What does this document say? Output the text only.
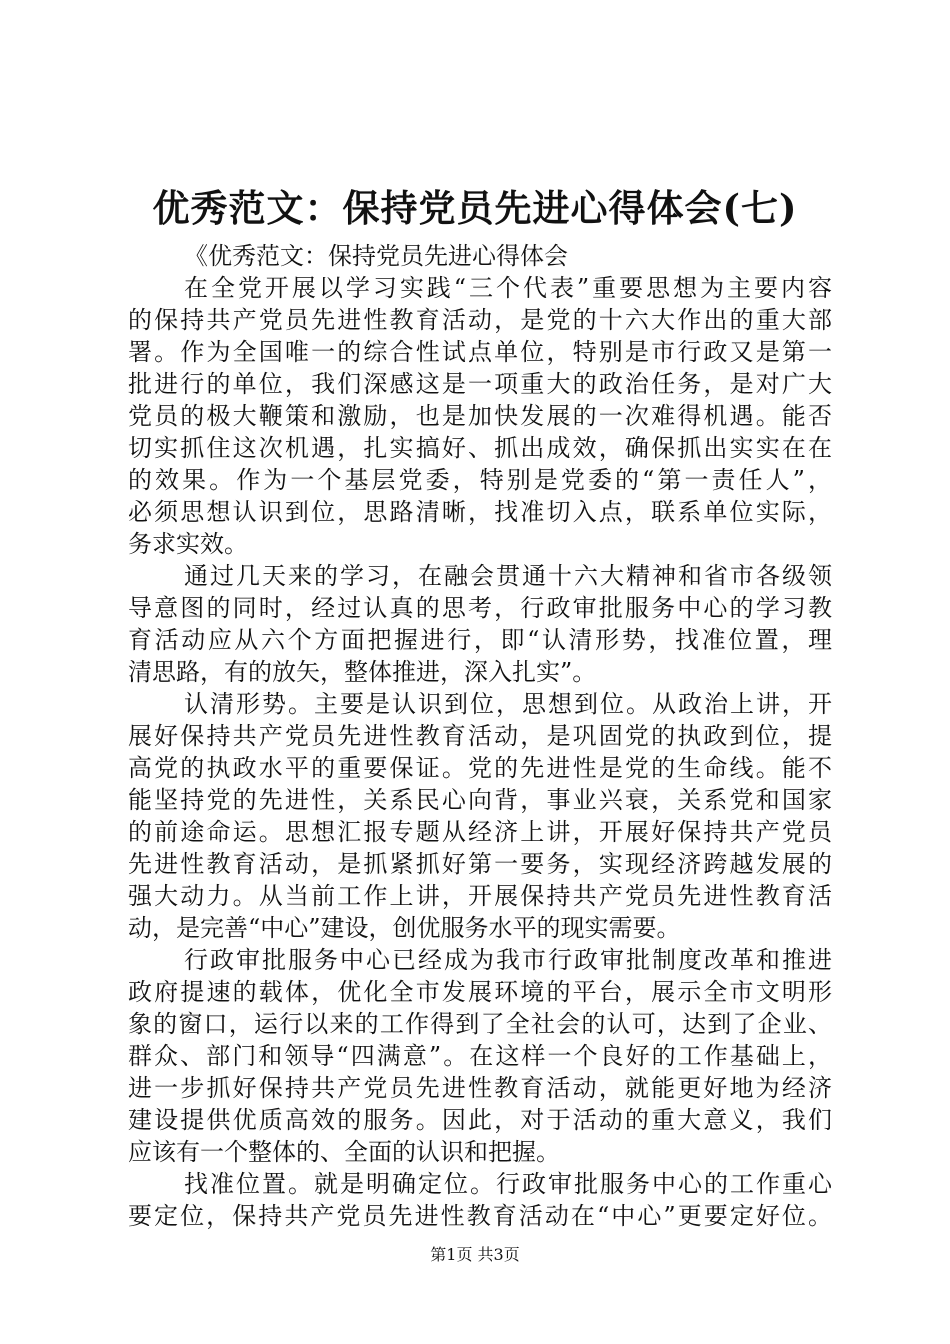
优秀范文：保持党员先进心得体会(七)
《优秀范文：保持党员先进心得体会
在全党开展以学习实践“三个代表”重要思想为主要内容
的保持共产党员先进性教育活动，是党的十六大作出的重大部
署。作为全国唯一的综合性试点单位，特别是市行政又是第一
批进行的单位，我们深感这是一项重大的政治任务，是对广大
党员的极大鞭策和激励，也是加快发展的一次难得机遇。能否
切实抓住这次机遇，扎实搞好、抓出成效，确保抓出实实在在
的效果。作为一个基层党委，特别是党委的“第一责任人”，
必须思想认识到位，思路清晰，找准切入点，联系单位实际，
务求实效。
通过几天来的学习，在融会贯通十六大精神和省市各级领
导意图的同时，经过认真的思考，行政审批服务中心的学习教
育活动应从六个方面把握进行，即“认清形势，找准位置，理
清思路，有的放矢，整体推进，深入扎实”。
认清形势。主要是认识到位，思想到位。从政治上讲，开
展好保持共产党员先进性教育活动，是巩固党的执政到位，提
高党的执政水平的重要保证。党的先进性是党的生命线。能不
能坚持党的先进性，关系民心向背，事业兴衰，关系党和国家
的前途命运。思想汇报专题从经济上讲，开展好保持共产党员
先进性教育活动，是抓紧抓好第一要务，实现经济跨越发展的
强大动力。从当前工作上讲，开展保持共产党员先进性教育活
动，是完善“中心”建设，创优服务水平的现实需要。
行政审批服务中心已经成为我市行政审批制度改革和推进
政府提速的载体，优化全市发展环境的平台，展示全市文明形
象的窗口，运行以来的工作得到了全社会的认可，达到了企业、
群众、部门和领导“四满意”。在这样一个良好的工作基础上，
进一步抓好保持共产党员先进性教育活动，就能更好地为经济
建设提供优质高效的服务。因此，对于活动的重大意义，我们
应该有一个整体的、全面的认识和把握。
找准位置。就是明确定位。行政审批服务中心的工作重心
要定位，保持共产党员先进性教育活动在“中心”更要定好位。
第1页 共3页
